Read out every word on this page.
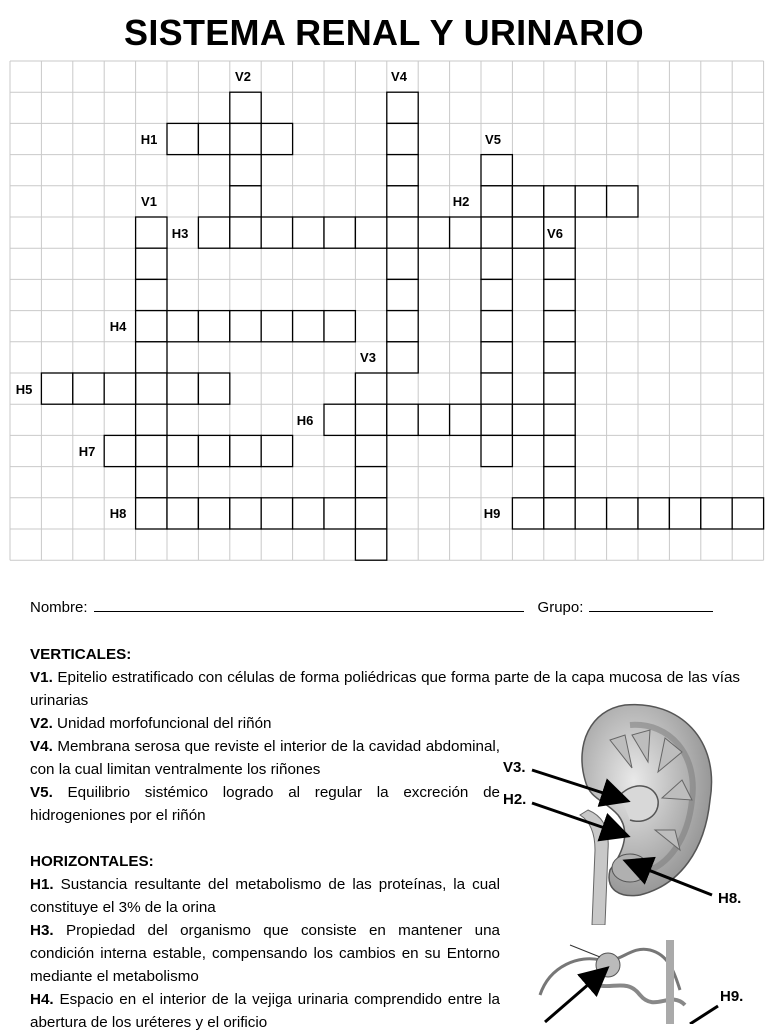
SISTEMA RENAL Y URINARIO
V2	V4
H1	V5
V1	H2
H3	V6
H4
V3
H5
H6
H7
H8	H9
Nombre:	Grupo:
VERTICALES:
V1. Epitelio estratificado con células de forma poliédricas que forma parte de la capa mucosa de las vías urinarias
V2. Unidad morfofuncional del riñón
V4. Membrana serosa que reviste el interior de la cavidad abdominal, con la cual limitan ventralmente los riñones
V5. Equilibrio sistémico logrado al regular la excreción de hidrogeniones por el riñón
HORIZONTALES:
H1. Sustancia resultante del metabolismo de las proteínas, la cual constituye el 3% de la orina
H3. Propiedad del organismo que consiste en mantener una condición interna estable, compensando los cambios en su Entorno mediante el metabolismo
H4. Espacio en el interior de la vejiga urinaria comprendido entre la abertura de los uréteres y el orificio
V3.
H2.
H8.
H9.
